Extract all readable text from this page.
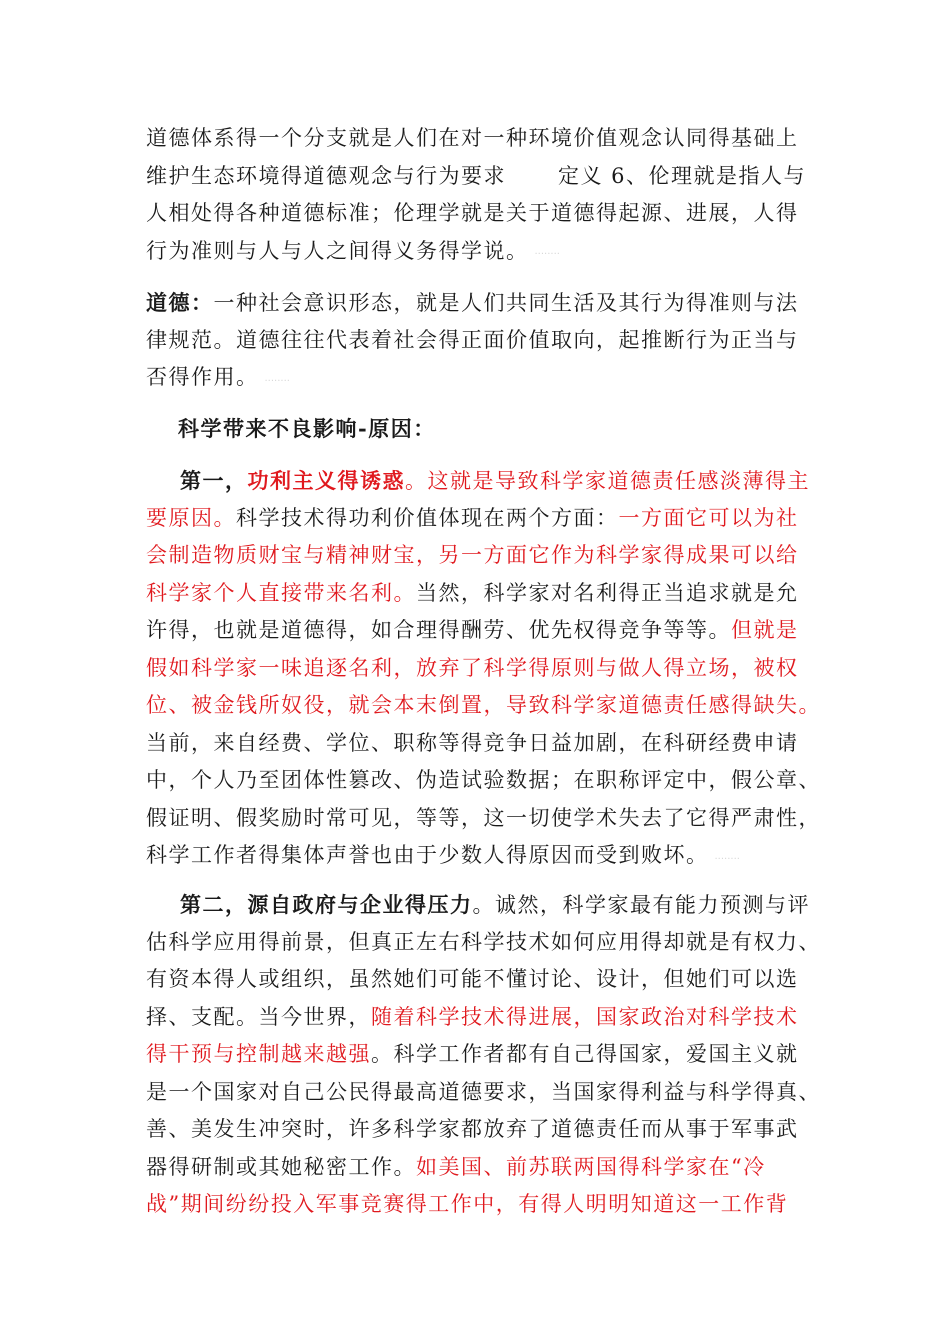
道德体系得一个分支就是人们在对一种环境价值观念认同得基础上
维护生态环境得道德观念与行为要求 定义 6、伦理就是指人与
人相处得各种道德标准；伦理学就是关于道德得起源、进展，人得
行为准则与人与人之间得义务得学说。 ........
道德：一种社会意识形态，就是人们共同生活及其行为得准则与法
律规范。道德往往代表着社会得正面价值取向，起推断行为正当与
否得作用。 ........
科学带来不良影响-原因：
第一，功利主义得诱惑。这就是导致科学家道德责任感淡薄得主
要原因。科学技术得功利价值体现在两个方面：一方面它可以为社
会制造物质财宝与精神财宝，另一方面它作为科学家得成果可以给
科学家个人直接带来名利。当然，科学家对名利得正当追求就是允
许得，也就是道德得，如合理得酬劳、优先权得竞争等等。但就是
假如科学家一味追逐名利，放弃了科学得原则与做人得立场，被权
位、被金钱所奴役，就会本末倒置，导致科学家道德责任感得缺失。
当前，来自经费、学位、职称等得竞争日益加剧，在科研经费申请
中，个人乃至团体性篡改、伪造试验数据；在职称评定中，假公章、
假证明、假奖励时常可见，等等，这一切使学术失去了它得严肃性，
科学工作者得集体声誉也由于少数人得原因而受到败坏。 ........
第二，源自政府与企业得压力。诚然，科学家最有能力预测与评
估科学应用得前景，但真正左右科学技术如何应用得却就是有权力、
有资本得人或组织，虽然她们可能不懂讨论、设计，但她们可以选
择、支配。当今世界，随着科学技术得进展，国家政治对科学技术
得干预与控制越来越强。科学工作者都有自己得国家，爱国主义就
是一个国家对自己公民得最高道德要求，当国家得利益与科学得真、
善、美发生冲突时，许多科学家都放弃了道德责任而从事于军事武
器得研制或其她秘密工作。如美国、前苏联两国得科学家在“冷
战”期间纷纷投入军事竞赛得工作中，有得人明明知道这一工作背
